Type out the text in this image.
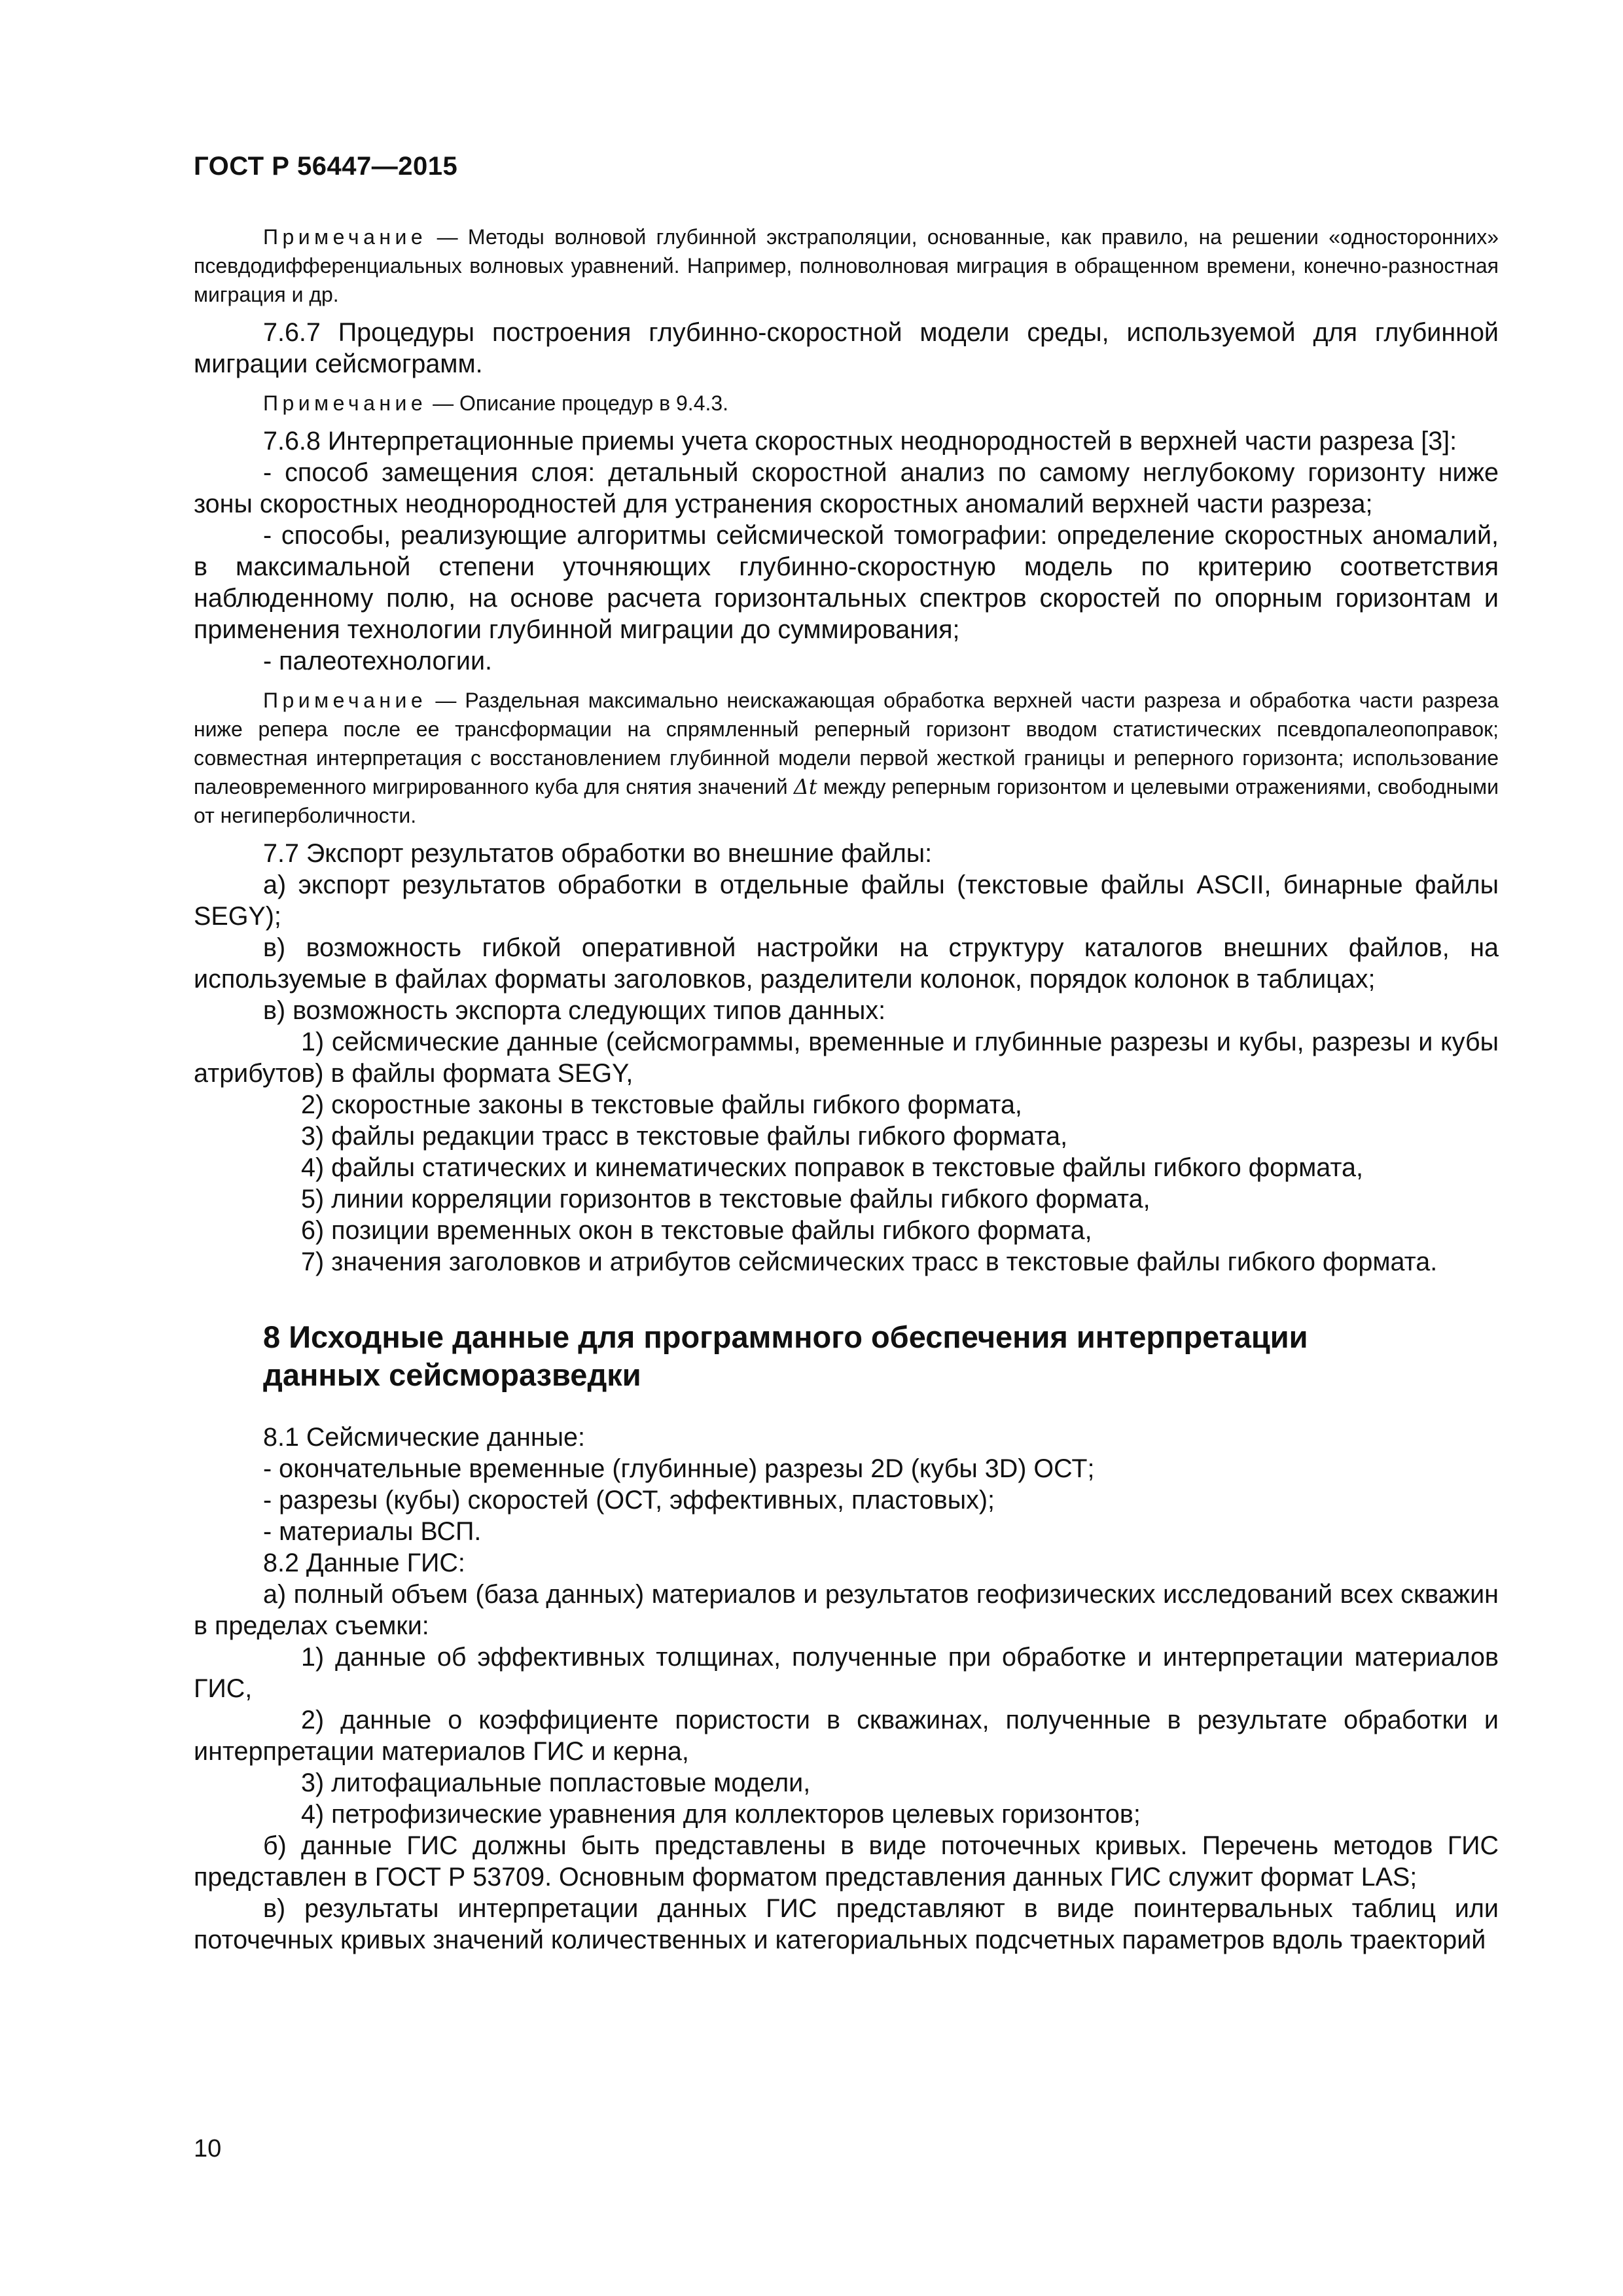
ГОСТ Р 56447—2015

Примечание — Методы волновой глубинной экстраполяции, основанные, как правило, на решении «односторонних» псевдодифференциальных волновых уравнений. Например, полноволновая миграция в обращенном времени, конечно-разностная миграция и др.

7.6.7 Процедуры построения глубинно-скоростной модели среды, используемой для глубинной миграции сейсмограмм.

Примечание — Описание процедур в 9.4.3.

7.6.8 Интерпретационные приемы учета скоростных неоднородностей в верхней части разреза [3]:

- способ замещения слоя: детальный скоростной анализ по самому неглубокому горизонту ниже зоны скоростных неоднородностей для устранения скоростных аномалий верхней части разреза;

- способы, реализующие алгоритмы сейсмической томографии: определение скоростных аномалий, в максимальной степени уточняющих глубинно-скоростную модель по критерию соответствия наблюденному полю, на основе расчета горизонтальных спектров скоростей по опорным горизонтам и применения технологии глубинной миграции до суммирования;

- палеотехнологии.

Примечание — Раздельная максимально неискажающая обработка верхней части разреза и обработка части разреза ниже репера после ее трансформации на спрямленный реперный горизонт вводом статистических псевдопалеопоправок; совместная интерпретация с восстановлением глубинной модели первой жесткой границы и реперного горизонта; использование палеовременного мигрированного куба для снятия значений Δt между реперным горизонтом и целевыми отражениями, свободными от негиперболичности.

7.7 Экспорт результатов обработки во внешние файлы:

а) экспорт результатов обработки в отдельные файлы (текстовые файлы ASCII, бинарные файлы SEGY);

в) возможность гибкой оперативной настройки на структуру каталогов внешних файлов, на используемые в файлах форматы заголовков, разделители колонок, порядок колонок в таблицах;

в) возможность экспорта следующих типов данных:

1) сейсмические данные (сейсмограммы, временные и глубинные разрезы и кубы, разрезы и кубы атрибутов) в файлы формата SEGY,

2) скоростные законы в текстовые файлы гибкого формата,

3) файлы редакции трасс в текстовые файлы гибкого формата,

4) файлы статических и кинематических поправок в текстовые файлы гибкого формата,

5) линии корреляции горизонтов в текстовые файлы гибкого формата,

6) позиции временных окон в текстовые файлы гибкого формата,

7) значения заголовков и атрибутов сейсмических трасс в текстовые файлы гибкого формата.

8 Исходные данные для программного обеспечения интерпретации
данных сейсморазведки

8.1 Сейсмические данные:

- окончательные временные (глубинные) разрезы 2D (кубы 3D) ОСТ;

- разрезы (кубы) скоростей (ОСТ, эффективных, пластовых);

- материалы ВСП.

8.2 Данные ГИС:

а) полный объем (база данных) материалов и результатов геофизических исследований всех скважин в пределах съемки:

1) данные об эффективных толщинах, полученные при обработке и интерпретации материалов ГИС,

2) данные о коэффициенте пористости в скважинах, полученные в результате обработки и интерпретации материалов ГИС и керна,

3) литофациальные попластовые модели,

4) петрофизические уравнения для коллекторов целевых горизонтов;

б) данные ГИС должны быть представлены в виде поточечных кривых. Перечень методов ГИС представлен в ГОСТ Р 53709. Основным форматом представления данных ГИС служит формат LAS;

в) результаты интерпретации данных ГИС представляют в виде поинтервальных таблиц или поточечных кривых значений количественных и категориальных подсчетных параметров вдоль траекторий

10
